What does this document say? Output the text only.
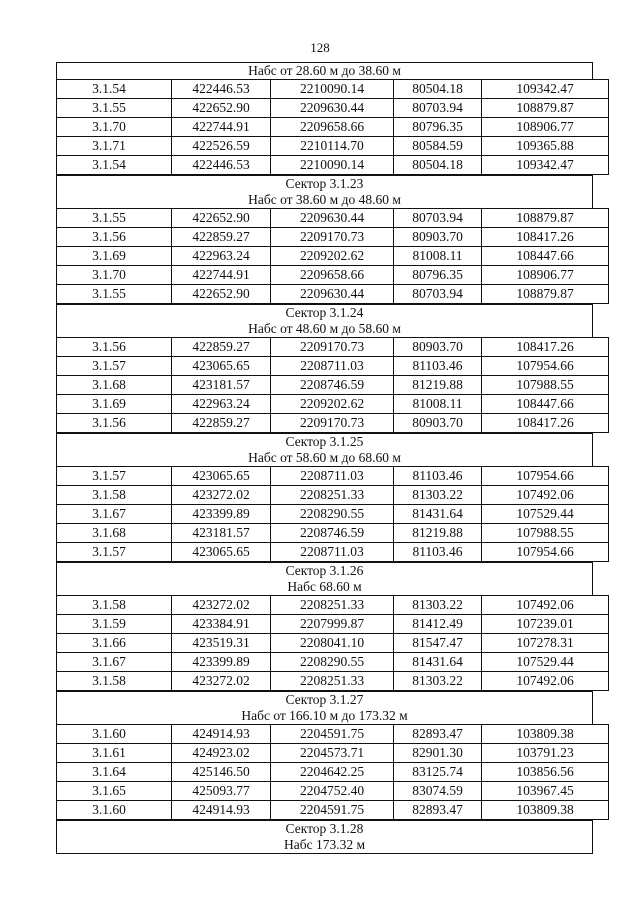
128
Набс от 28.60 м до 38.60 м
3.1.54	422446.53	2210090.14	80504.18	109342.47
3.1.55	422652.90	2209630.44	80703.94	108879.87
3.1.70	422744.91	2209658.66	80796.35	108906.77
3.1.71	422526.59	2210114.70	80584.59	109365.88
3.1.54	422446.53	2210090.14	80504.18	109342.47
Сектор 3.1.23
Набс от 38.60 м до 48.60 м
3.1.55	422652.90	2209630.44	80703.94	108879.87
3.1.56	422859.27	2209170.73	80903.70	108417.26
3.1.69	422963.24	2209202.62	81008.11	108447.66
3.1.70	422744.91	2209658.66	80796.35	108906.77
3.1.55	422652.90	2209630.44	80703.94	108879.87
Сектор 3.1.24
Набс от 48.60 м до 58.60 м
3.1.56	422859.27	2209170.73	80903.70	108417.26
3.1.57	423065.65	2208711.03	81103.46	107954.66
3.1.68	423181.57	2208746.59	81219.88	107988.55
3.1.69	422963.24	2209202.62	81008.11	108447.66
3.1.56	422859.27	2209170.73	80903.70	108417.26
Сектор 3.1.25
Набс от 58.60 м до 68.60 м
3.1.57	423065.65	2208711.03	81103.46	107954.66
3.1.58	423272.02	2208251.33	81303.22	107492.06
3.1.67	423399.89	2208290.55	81431.64	107529.44
3.1.68	423181.57	2208746.59	81219.88	107988.55
3.1.57	423065.65	2208711.03	81103.46	107954.66
Сектор 3.1.26
Набс 68.60 м
3.1.58	423272.02	2208251.33	81303.22	107492.06
3.1.59	423384.91	2207999.87	81412.49	107239.01
3.1.66	423519.31	2208041.10	81547.47	107278.31
3.1.67	423399.89	2208290.55	81431.64	107529.44
3.1.58	423272.02	2208251.33	81303.22	107492.06
Сектор 3.1.27
Набс от 166.10 м до 173.32 м
3.1.60	424914.93	2204591.75	82893.47	103809.38
3.1.61	424923.02	2204573.71	82901.30	103791.23
3.1.64	425146.50	2204642.25	83125.74	103856.56
3.1.65	425093.77	2204752.40	83074.59	103967.45
3.1.60	424914.93	2204591.75	82893.47	103809.38
Сектор 3.1.28
Набс 173.32 м
